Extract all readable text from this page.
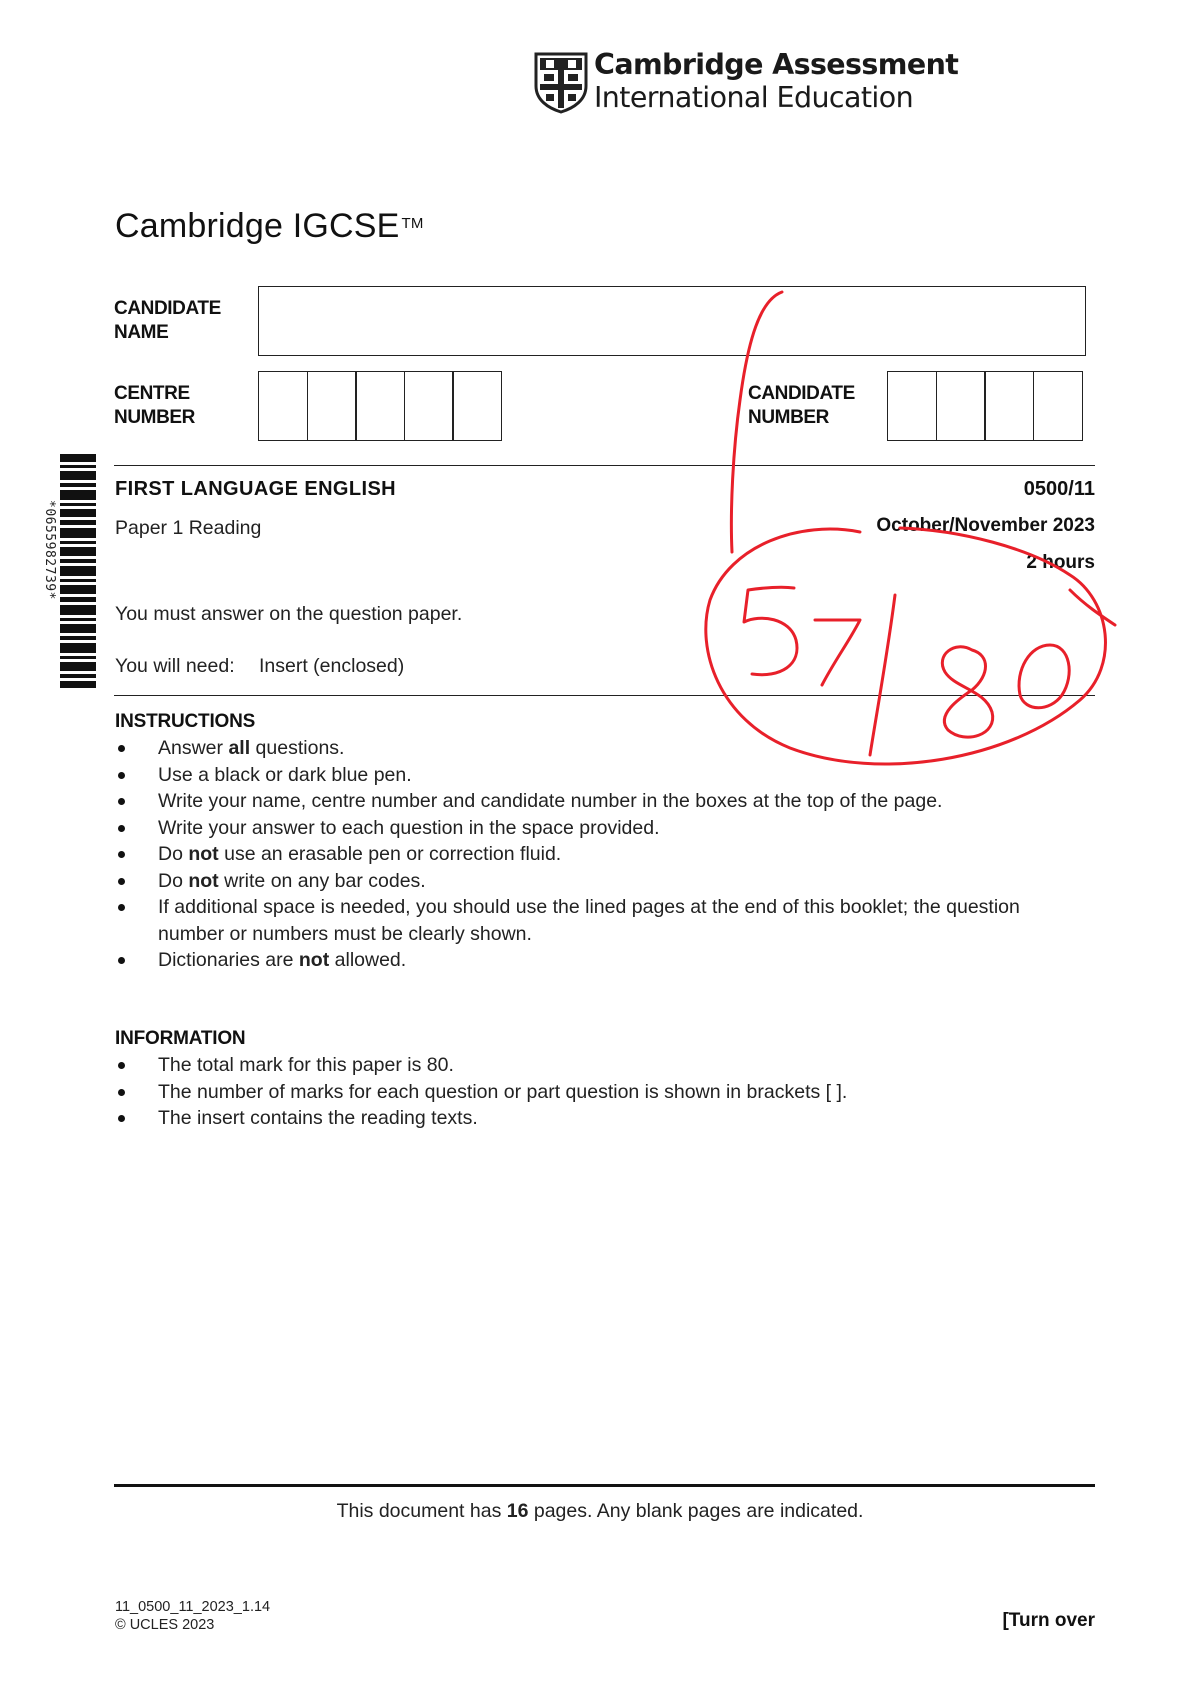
Cambridge Assessment
International Education
Cambridge IGCSE ™
CANDIDATE
NAME
CENTRE
NUMBER
CANDIDATE
NUMBER
*0655982739*
FIRST LANGUAGE ENGLISH	0500/11
Paper 1 Reading	October/November 2023
2 hours
You must answer on the question paper.
You will need: Insert (enclosed)
INSTRUCTIONS
Answer all questions.
Use a black or dark blue pen.
Write your name, centre number and candidate number in the boxes at the top of the page.
Write your answer to each question in the space provided.
Do not use an erasable pen or correction fluid.
Do not write on any bar codes.
If additional space is needed, you should use the lined pages at the end of this booklet; the question number or numbers must be clearly shown.
Dictionaries are not allowed.
INFORMATION
The total mark for this paper is 80.
The number of marks for each question or part question is shown in brackets [ ].
The insert contains the reading texts.
This document has 16 pages. Any blank pages are indicated.
11_0500_11_2023_1.14
© UCLES 2023	[Turn over
